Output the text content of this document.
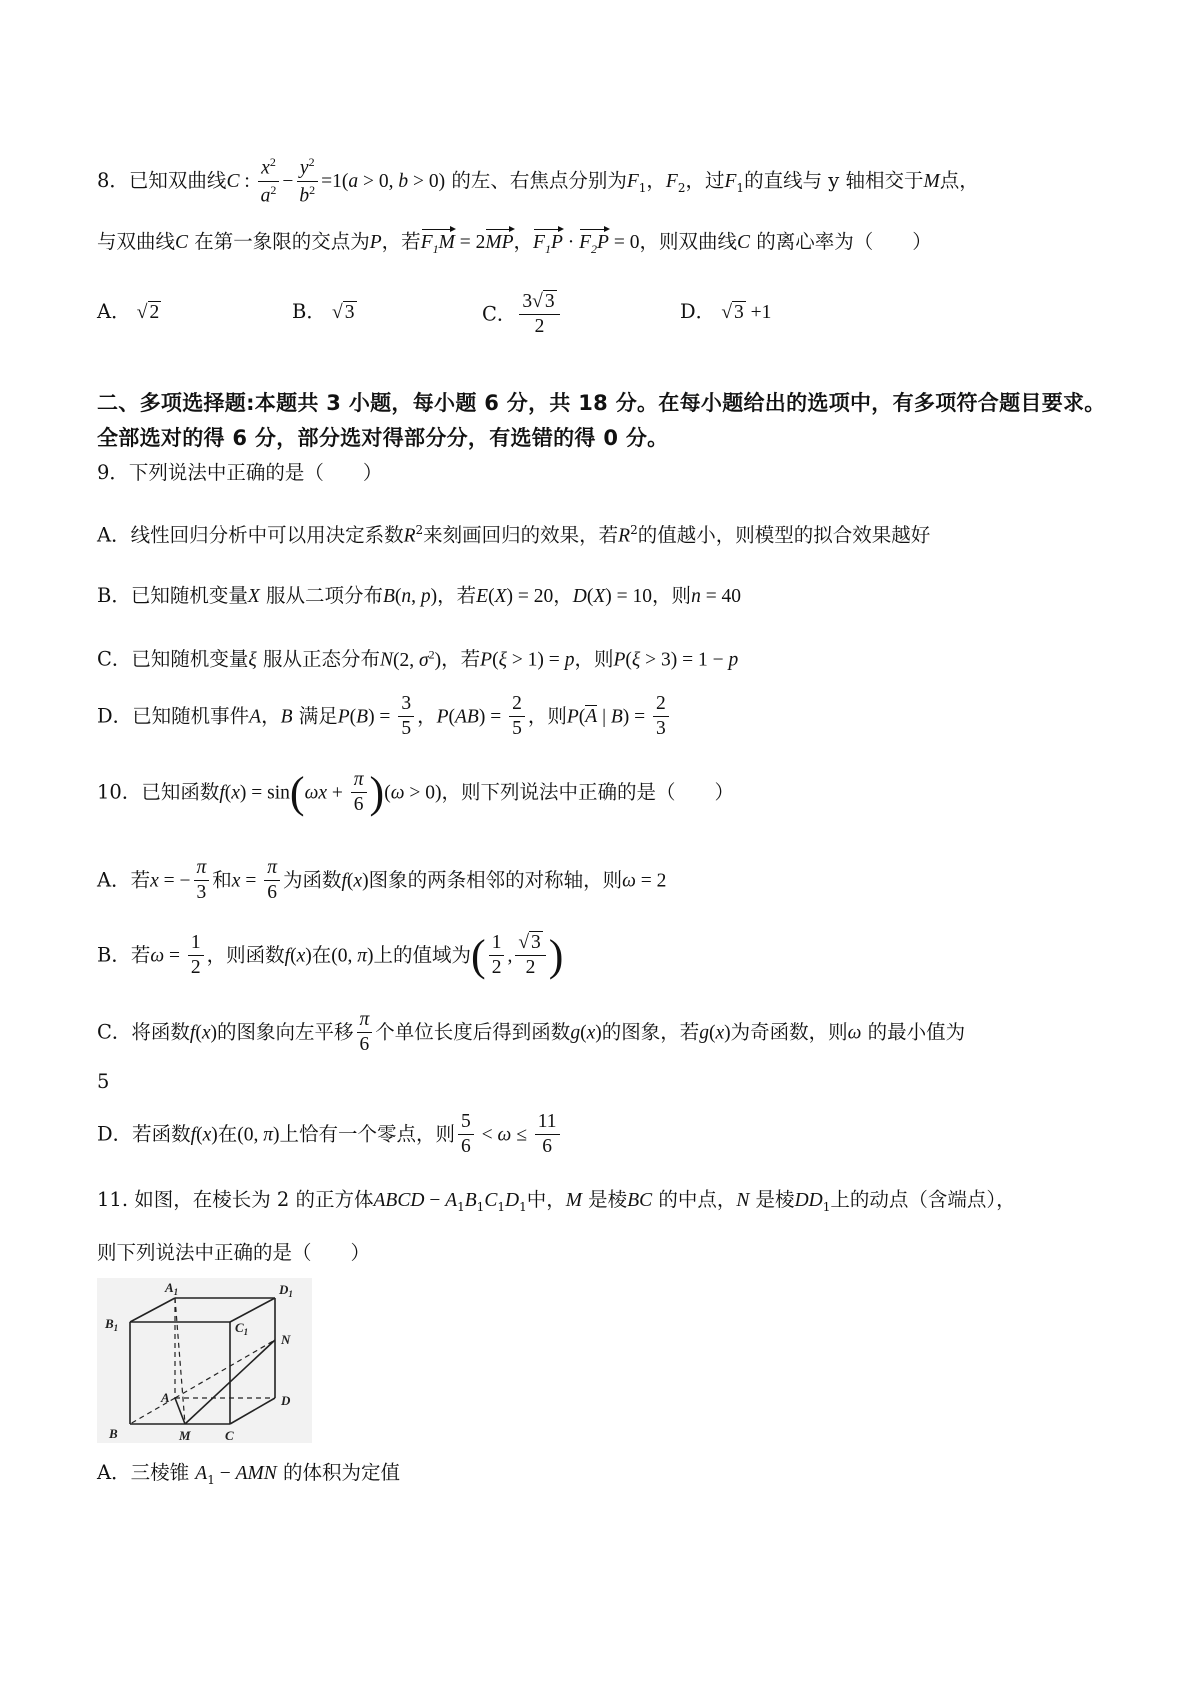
8．已知双曲线C : $\frac{x^2}{a^2} - \frac{y^2}{b^2} =1(a > 0$, b > 0) 的左、右焦点分别为$F_1$，$F_2$，过$F_1$的直线与 y 轴相交于M点，
与双曲线C 在第一象限的交点为P，若$F_1M = 2MP$，$F_1P \cdot F_2P = 0$，则双曲线C 的离心率为（　　）
A． √ 2	B． √ 3	C． $\frac{3√ 3}{2}$	D． √ 3 +1
二、多项选择题:本题共 3 小题，每小题 6 分，共 18 分。在每小题给出的选项中，有多项符合题目要求。全部选对的得 6 分，部分选对得部分分，有选错的得 0 分。
9．下列说法中正确的是（　　）
A．线性回归分析中可以用决定系数$R^2$来刻画回归的效果，若$R^2$的值越小，则模型的拟合效果越好
B．已知随机变量X 服从二项分布B(n, p)，若E(X) = 20，D(X) = 10，则n = 40
C．已知随机变量ξ 服从正态分布N(2, $\sigma^2$)，若P(ξ > 1) = p，则P(ξ > 3) = 1 − p
D．已知随机事件A，B 满足$P(B) = \frac{3}{5}$ ，$P(AB) = \frac{2}{5}$ ，则P(A | $B) = \frac{2}{3}$
10．已知函数$f(x) = \sin(\omega x + \frac{\pi}{6} )(\omega > 0)$，则下列说法中正确的是（　　）
A．若x = − $\frac{\pi}{3}$ 和$x = \frac{\pi}{6}$ 为函数f(x)图象的两条相邻的对称轴，则ω = 2
B．若$\omega = \frac{1}{2}$ ，则函数f(x)在(0, π)上的值域为( $\frac{1}{2}$ , $\frac{√ 3}{2}$ )
C．将函数f(x)的图象向左平移 $\frac{\pi}{6}$ 个单位长度后得到函数g(x)的图象，若g(x)为奇函数，则ω 的最小值为
5
D．若函数f(x)在(0, π)上恰有一个零点，则 $\frac{5}{6} < \omega \le \frac{11}{6}$
11. 如图，在棱长为 2 的正方体ABCD − $A_1B_1C_1D_1$中，M 是棱BC 的中点，N 是棱$DD_1$上的动点（含端点），
则下列说法中正确的是（　　）
$A_1$	$D_1$
$B_1$	$C_1$	N
A	D
B	M	C
A．三棱锥 $A_1$ − AMN 的体积为定值
